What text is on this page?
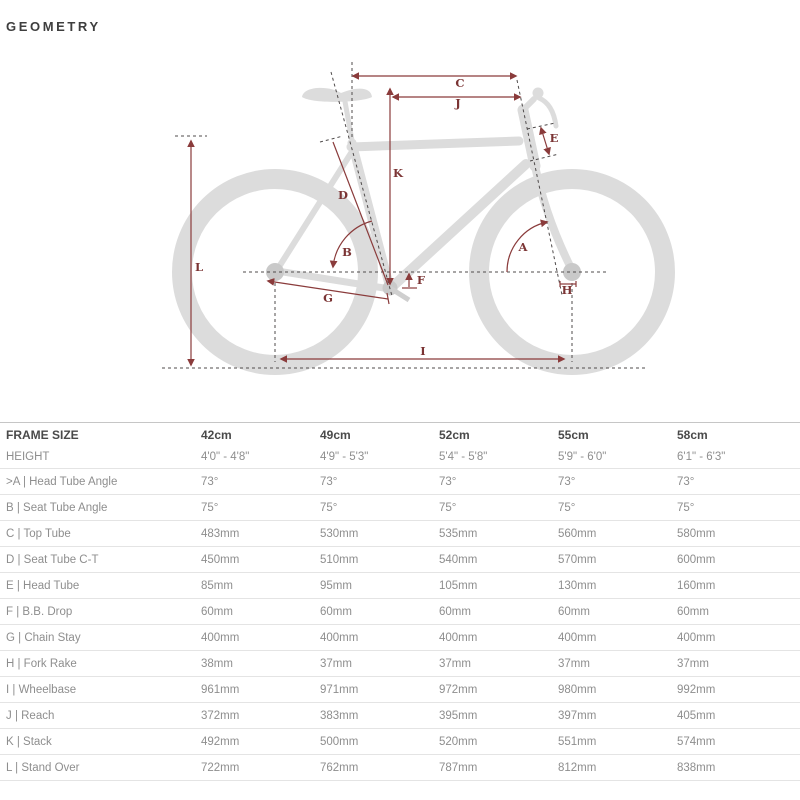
GEOMETRY
C
J
K
D
B
E
A
F
G
H
I
L
FRAME SIZE	42cm	49cm	52cm	55cm	58cm
HEIGHT	4'0" - 4'8"	4'9" - 5'3"	5'4" - 5'8"	5'9" - 6'0"	6'1" - 6'3"
>A | Head Tube Angle	73°	73°	73°	73°	73°
B | Seat Tube Angle	75°	75°	75°	75°	75°
C | Top Tube	483mm	530mm	535mm	560mm	580mm
D | Seat Tube C-T	450mm	510mm	540mm	570mm	600mm
E | Head Tube	85mm	95mm	105mm	130mm	160mm
F | B.B. Drop	60mm	60mm	60mm	60mm	60mm
G | Chain Stay	400mm	400mm	400mm	400mm	400mm
H | Fork Rake	38mm	37mm	37mm	37mm	37mm
I | Wheelbase	961mm	971mm	972mm	980mm	992mm
J | Reach	372mm	383mm	395mm	397mm	405mm
K | Stack	492mm	500mm	520mm	551mm	574mm
L | Stand Over	722mm	762mm	787mm	812mm	838mm
